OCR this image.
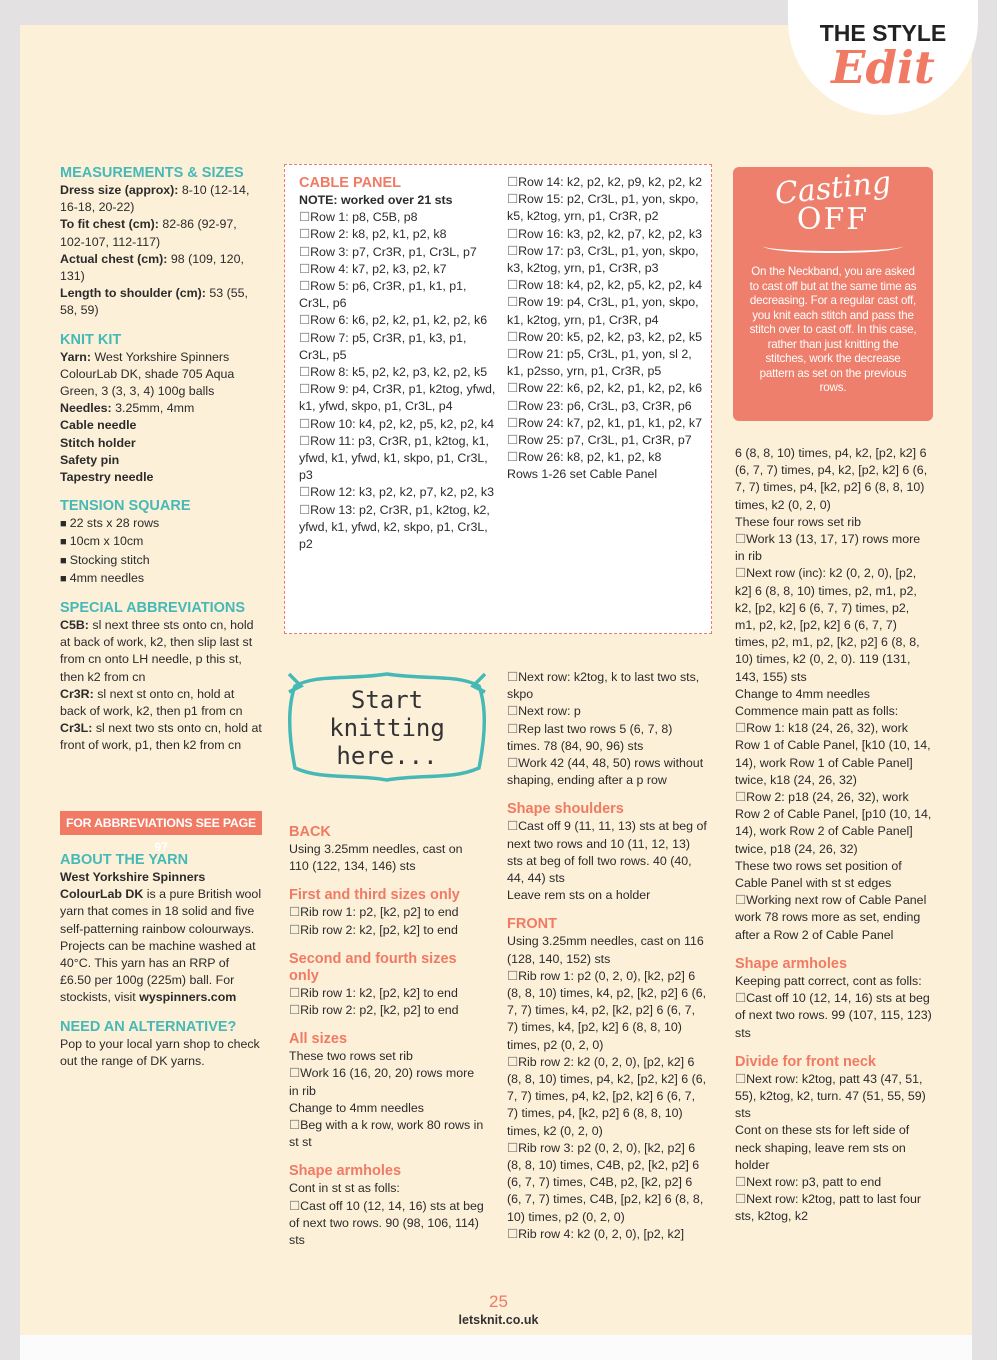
THE STYLE
Edit

MEASUREMENTS & SIZES

Dress size (approx): 8-10 (12-14, 16-18, 20-22)

To fit chest (cm): 82-86 (92-97, 102-107, 112-117)

Actual chest (cm): 98 (109, 120, 131)

Length to shoulder (cm): 53 (55, 58, 59)

KNIT KIT

Yarn: West Yorkshire Spinners ColourLab DK, shade 705 Aqua Green, 3 (3, 3, 4) 100g balls

Needles: 3.25mm, 4mm

Cable needle

Stitch holder

Safety pin

Tapestry needle

TENSION SQUARE

■ 22 sts x 28 rows

■ 10cm x 10cm

■ Stocking stitch

■ 4mm needles

SPECIAL ABBREVIATIONS

C5B: sl next three sts onto cn, hold at back of work, k2, then slip last st from cn onto LH needle, p this st, then k2 from cn

Cr3R: sl next st onto cn, hold at back of work, k2, then p1 from cn

Cr3L: sl next two sts onto cn, hold at front of work, p1, then k2 from cn

FOR ABBREVIATIONS SEE PAGE 97

ABOUT THE YARN

West Yorkshire Spinners ColourLab DK is a pure British wool yarn that comes in 18 solid and five self-patterning rainbow colourways. Projects can be machine washed at 40°C. This yarn has an RRP of £6.50 per 100g (225m) ball. For stockists, visit wyspinners.com

NEED AN ALTERNATIVE?

Pop to your local yarn shop to check out the range of DK yarns.

CABLE PANEL

NOTE: worked over 21 sts

☐ Row 1: p8, C5B, p8

☐ Row 2: k8, p2, k1, p2, k8

☐ Row 3: p7, Cr3R, p1, Cr3L, p7

☐ Row 4: k7, p2, k3, p2, k7

☐ Row 5: p6, Cr3R, p1, k1, p1, Cr3L, p6

☐ Row 6: k6, p2, k2, p1, k2, p2, k6

☐ Row 7: p5, Cr3R, p1, k3, p1, Cr3L, p5

☐ Row 8: k5, p2, k2, p3, k2, p2, k5

☐ Row 9: p4, Cr3R, p1, k2tog, yfwd, k1, yfwd, skpo, p1, Cr3L, p4

☐ Row 10: k4, p2, k2, p5, k2, p2, k4

☐ Row 11: p3, Cr3R, p1, k2tog, k1, yfwd, k1, yfwd, k1, skpo, p1, Cr3L, p3

☐ Row 12: k3, p2, k2, p7, k2, p2, k3

☐ Row 13: p2, Cr3R, p1, k2tog, k2, yfwd, k1, yfwd, k2, skpo, p1, Cr3L, p2

☐ Row 14: k2, p2, k2, p9, k2, p2, k2

☐ Row 15: p2, Cr3L, p1, yon, skpo, k5, k2tog, yrn, p1, Cr3R, p2

☐ Row 16: k3, p2, k2, p7, k2, p2, k3

☐ Row 17: p3, Cr3L, p1, yon, skpo, k3, k2tog, yrn, p1, Cr3R, p3

☐ Row 18: k4, p2, k2, p5, k2, p2, k4

☐ Row 19: p4, Cr3L, p1, yon, skpo, k1, k2tog, yrn, p1, Cr3R, p4

☐ Row 20: k5, p2, k2, p3, k2, p2, k5

☐ Row 21: p5, Cr3L, p1, yon, sl 2, k1, p2sso, yrn, p1, Cr3R, p5

☐ Row 22: k6, p2, k2, p1, k2, p2, k6

☐ Row 23: p6, Cr3L, p3, Cr3R, p6

☐ Row 24: k7, p2, k1, p1, k1, p2, k7

☐ Row 25: p7, Cr3L, p1, Cr3R, p7

☐ Row 26: k8, p2, k1, p2, k8

Rows 1-26 set Cable Panel

Casting
OFF
On the Neckband, you are asked to cast off but at the same time as decreasing. For a regular cast off, you knit each stitch and pass the stitch over to cast off. In this case, rather than just knitting the stitches, work the decrease pattern as set on the previous rows.
Start
knitting
here...

BACK

Using 3.25mm needles, cast on 110 (122, 134, 146) sts

First and third sizes only

☐ Rib row 1: p2, [k2, p2] to end

☐ Rib row 2: k2, [p2, k2] to end

Second and fourth sizes only

☐ Rib row 1: k2, [p2, k2] to end

☐ Rib row 2: p2, [k2, p2] to end

All sizes

These two rows set rib

☐ Work 16 (16, 20, 20) rows more in rib

Change to 4mm needles

☐ Beg with a k row, work 80 rows in st st

Shape armholes

Cont in st st as folls:

☐ Cast off 10 (12, 14, 16) sts at beg of next two rows. 90 (98, 106, 114) sts

☐ Next row: k2tog, k to last two sts, skpo

☐ Next row: p

☐ Rep last two rows 5 (6, 7, 8) times. 78 (84, 90, 96) sts

☐ Work 42 (44, 48, 50) rows without shaping, ending after a p row

Shape shoulders

☐ Cast off 9 (11, 11, 13) sts at beg of next two rows and 10 (11, 12, 13) sts at beg of foll two rows. 40 (40, 44, 44) sts

Leave rem sts on a holder

FRONT

Using 3.25mm needles, cast on 116 (128, 140, 152) sts

☐ Rib row 1: p2 (0, 2, 0), [k2, p2] 6 (8, 8, 10) times, k4, p2, [k2, p2] 6 (6, 7, 7) times, k4, p2, [k2, p2] 6 (6, 7, 7) times, k4, [p2, k2] 6 (8, 8, 10) times, p2 (0, 2, 0)

☐ Rib row 2: k2 (0, 2, 0), [p2, k2] 6 (8, 8, 10) times, p4, k2, [p2, k2] 6 (6, 7, 7) times, p4, k2, [p2, k2] 6 (6, 7, 7) times, p4, [k2, p2] 6 (8, 8, 10) times, k2 (0, 2, 0)

☐ Rib row 3: p2 (0, 2, 0), [k2, p2] 6 (8, 8, 10) times, C4B, p2, [k2, p2] 6 (6, 7, 7) times, C4B, p2, [k2, p2] 6 (6, 7, 7) times, C4B, [p2, k2] 6 (8, 8, 10) times, p2 (0, 2, 0)

☐ Rib row 4: k2 (0, 2, 0), [p2, k2]

6 (8, 8, 10) times, p4, k2, [p2, k2] 6 (6, 7, 7) times, p4, k2, [p2, k2] 6 (6, 7, 7) times, p4, [k2, p2] 6 (8, 8, 10) times, k2 (0, 2, 0)

These four rows set rib

☐ Work 13 (13, 17, 17) rows more in rib

☐ Next row (inc): k2 (0, 2, 0), [p2, k2] 6 (8, 8, 10) times, p2, m1, p2, k2, [p2, k2] 6 (6, 7, 7) times, p2, m1, p2, k2, [p2, k2] 6 (6, 7, 7) times, p2, m1, p2, [k2, p2] 6 (8, 8, 10) times, k2 (0, 2, 0). 119 (131, 143, 155) sts

Change to 4mm needles

Commence main patt as folls:

☐ Row 1: k18 (24, 26, 32), work Row 1 of Cable Panel, [k10 (10, 14, 14), work Row 1 of Cable Panel] twice, k18 (24, 26, 32)

☐ Row 2: p18 (24, 26, 32), work Row 2 of Cable Panel, [p10 (10, 14, 14), work Row 2 of Cable Panel] twice, p18 (24, 26, 32)

These two rows set position of Cable Panel with st st edges

☐ Working next row of Cable Panel work 78 rows more as set, ending after a Row 2 of Cable Panel

Shape armholes

Keeping patt correct, cont as folls:

☐ Cast off 10 (12, 14, 16) sts at beg of next two rows. 99 (107, 115, 123) sts

Divide for front neck

☐ Next row: k2tog, patt 43 (47, 51, 55), k2tog, k2, turn. 47 (51, 55, 59) sts

Cont on these sts for left side of neck shaping, leave rem sts on holder

☐ Next row: p3, patt to end

☐ Next row: k2tog, patt to last four sts, k2tog, k2

25
letsknit.co.uk
